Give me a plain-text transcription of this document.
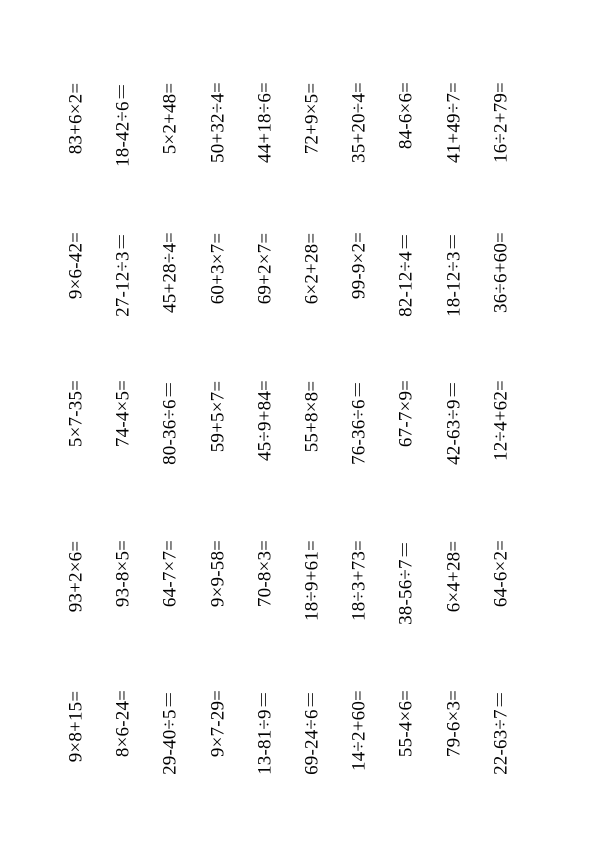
83+6×2= 18-42÷6＝ 5×2+48= 50+32÷4= 44+18÷6= 72+9×5= 35+20÷4= 84-6×6= 41+49÷7= 16÷2+79=
9×6-42= 27-12÷3＝ 45+28÷4= 60+3×7= 69+2×7= 6×2+28= 99-9×2= 82-12÷4＝ 18-12÷3＝ 36÷6+60=
5×7-35= 74-4×5= 80-36÷6＝ 59+5×7= 45÷9+84= 55+8×8= 76-36÷6＝ 67-7×9= 42-63÷9＝ 12÷4+62=
93+2×6= 93-8×5= 64-7×7= 9×9-58= 70-8×3= 18÷9+61= 18÷3+73= 38-56÷7＝ 6×4+28= 64-6×2=
9×8+15= 8×6-24= 29-40÷5＝ 9×7-29= 13-81÷9＝ 69-24÷6＝ 14÷2+60= 55-4×6= 79-6×3= 22-63÷7＝
